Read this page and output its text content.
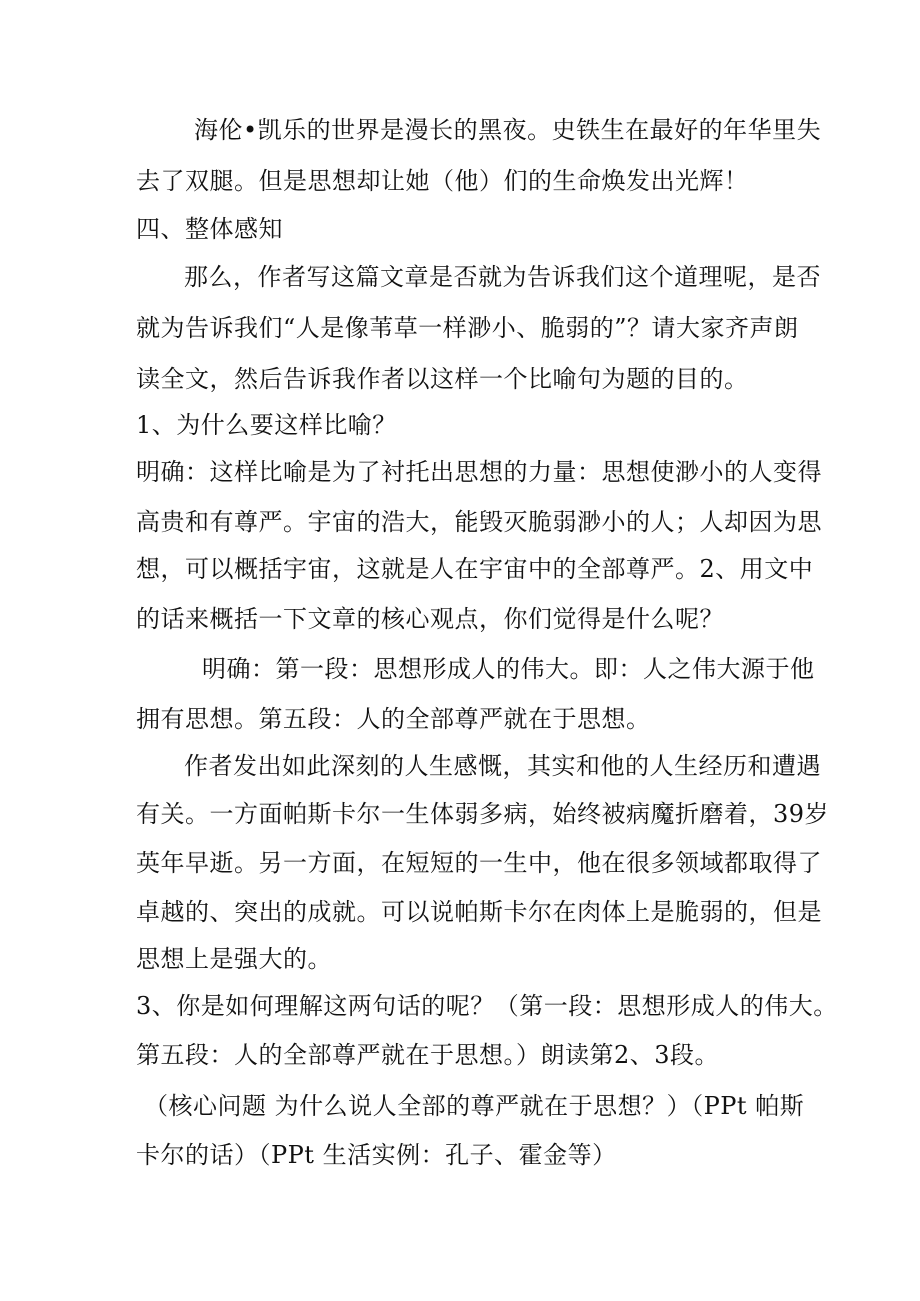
海伦•凯乐的世界是漫长的黑夜。史铁生在最好的年华里失
去了双腿。但是思想却让她（他）们的生命焕发出光辉！
四、整体感知
那么，作者写这篇文章是否就为告诉我们这个道理呢，是否
就为告诉我们“人是像苇草一样渺小、脆弱的”？请大家齐声朗
读全文，然后告诉我作者以这样一个比喻句为题的目的。
1、为什么要这样比喻？
明确：这样比喻是为了衬托出思想的力量：思想使渺小的人变得
高贵和有尊严。宇宙的浩大，能毁灭脆弱渺小的人；人却因为思
想，可以概括宇宙，这就是人在宇宙中的全部尊严。2、用文中
的话来概括一下文章的核心观点，你们觉得是什么呢？
明确：第一段：思想形成人的伟大。即：人之伟大源于他
拥有思想。第五段：人的全部尊严就在于思想。
作者发出如此深刻的人生感慨，其实和他的人生经历和遭遇
有关。一方面帕斯卡尔一生体弱多病，始终被病魔折磨着，39岁
英年早逝。另一方面，在短短的一生中，他在很多领域都取得了
卓越的、突出的成就。可以说帕斯卡尔在肉体上是脆弱的，但是
思想上是强大的。
3、你是如何理解这两句话的呢？（第一段：思想形成人的伟大。
第五段：人的全部尊严就在于思想。）朗读第2、3段。
（核心问题 为什么说人全部的尊严就在于思想？）（PPt 帕斯
卡尔的话）（PPt 生活实例：孔子、霍金等）
